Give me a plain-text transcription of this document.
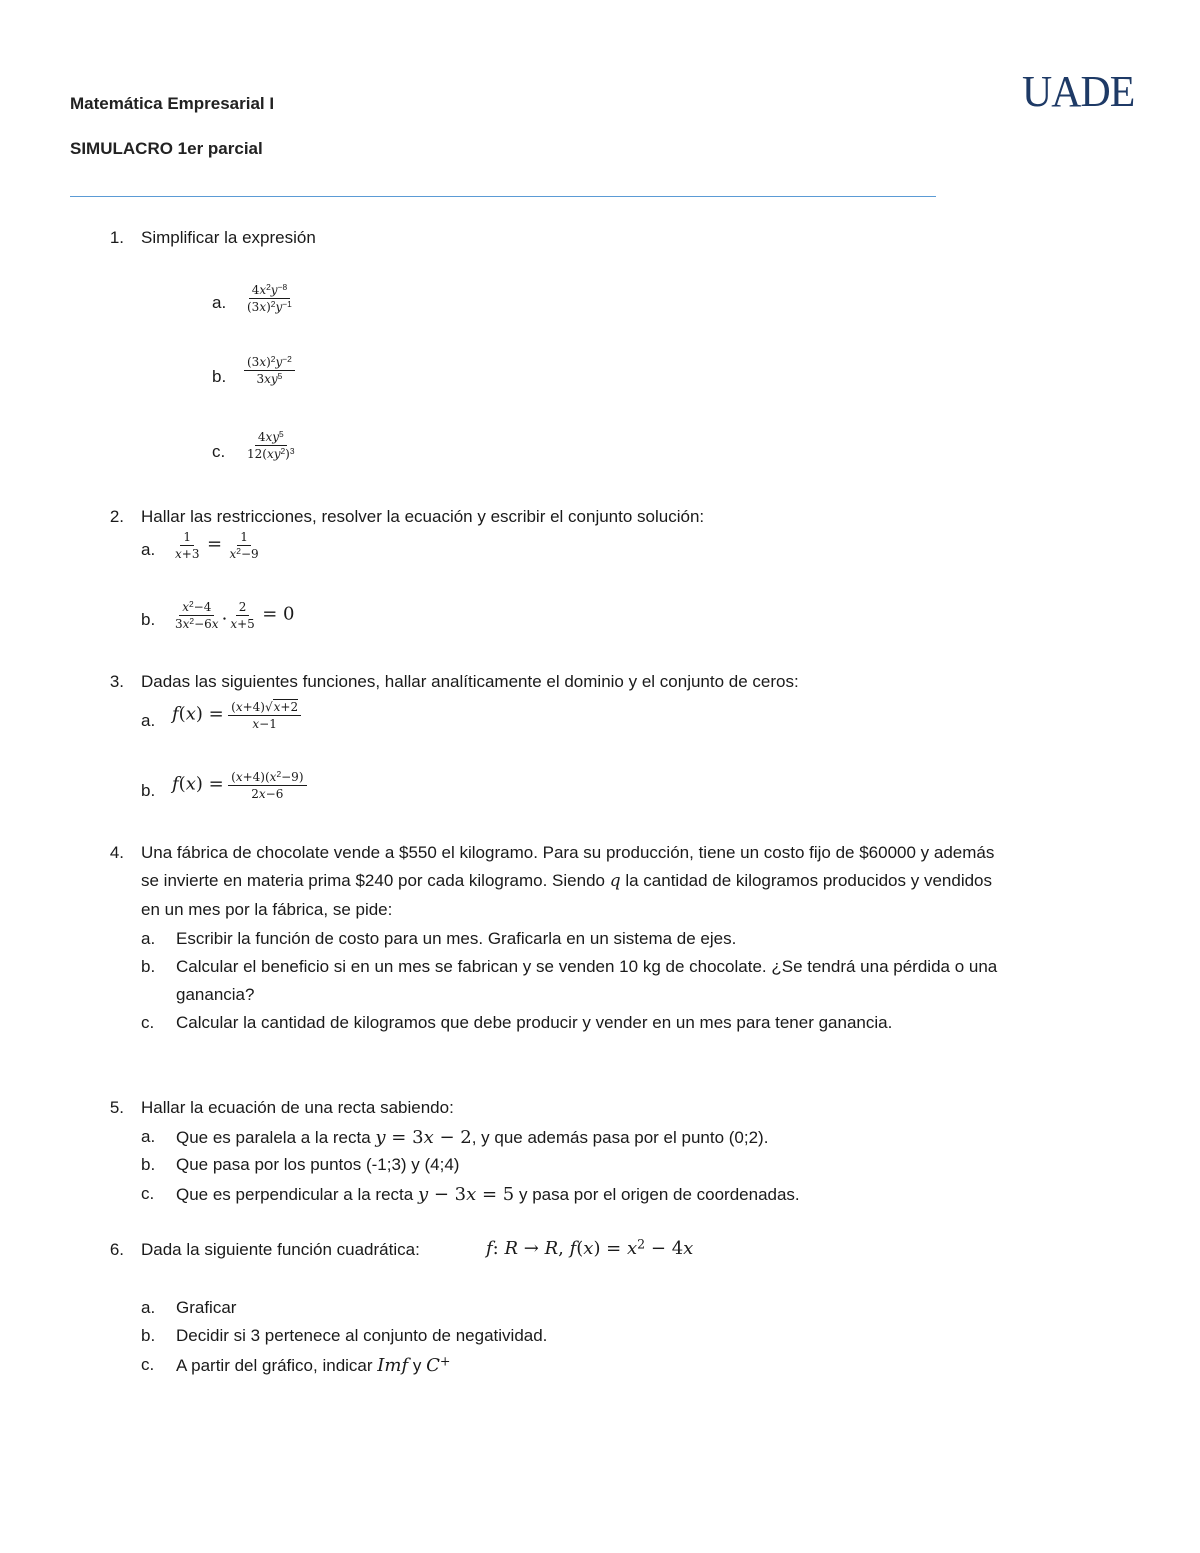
Matemática Empresarial I
SIMULACRO 1er parcial
UADE
1. Simplificar la expresión
a. $\frac{4x^2y^{-8}}{(3x)^2y^{-1}}$
b. $\frac{(3x)^2y^{-2}}{3xy^5}$
c. $\frac{4xy^5}{12(xy^2)^3}$
2. Hallar las restricciones, resolver la ecuación y escribir el conjunto solución:
a. $\frac{1}{x+3} = \frac{1}{x^2-9}$
b. $\frac{x^2-4}{3x^2-6x}$ . $\frac{2}{x+5} = 0$
3. Dadas las siguientes funciones, hallar analíticamente el dominio y el conjunto de ceros:
a. $f(x) = \frac{(x+4)√x+2}{x-1}$
b. $f(x) = \frac{(x+4)(x^2-9)}{2x-6}$
4. Una fábrica de chocolate vende a $550 el kilogramo. Para su producción, tiene un costo fijo de $60000 y además
se invierte en materia prima $240 por cada kilogramo. Siendo q la cantidad de kilogramos producidos y vendidos
en un mes por la fábrica, se pide:
a. Escribir la función de costo para un mes. Graficarla en un sistema de ejes.
b. Calcular el beneficio si en un mes se fabrican y se venden 10 kg de chocolate. ¿Se tendrá una pérdida o una
ganancia?
c. Calcular la cantidad de kilogramos que debe producir y vender en un mes para tener ganancia.
5. Hallar la ecuación de una recta sabiendo:
a. Que es paralela a la recta y = 3x − 2, y que además pasa por el punto (0;2).
b. Que pasa por los puntos (-1;3) y (4;4)
c. Que es perpendicular a la recta y − 3x = 5 y pasa por el origen de coordenadas.
6. Dada la siguiente función cuadrática:	f: R → R, $f(x) = x^2 - 4x$
a. Graficar
b. Decidir si 3 pertenece al conjunto de negatividad.
c. A partir del gráfico, indicar Imf y C+
